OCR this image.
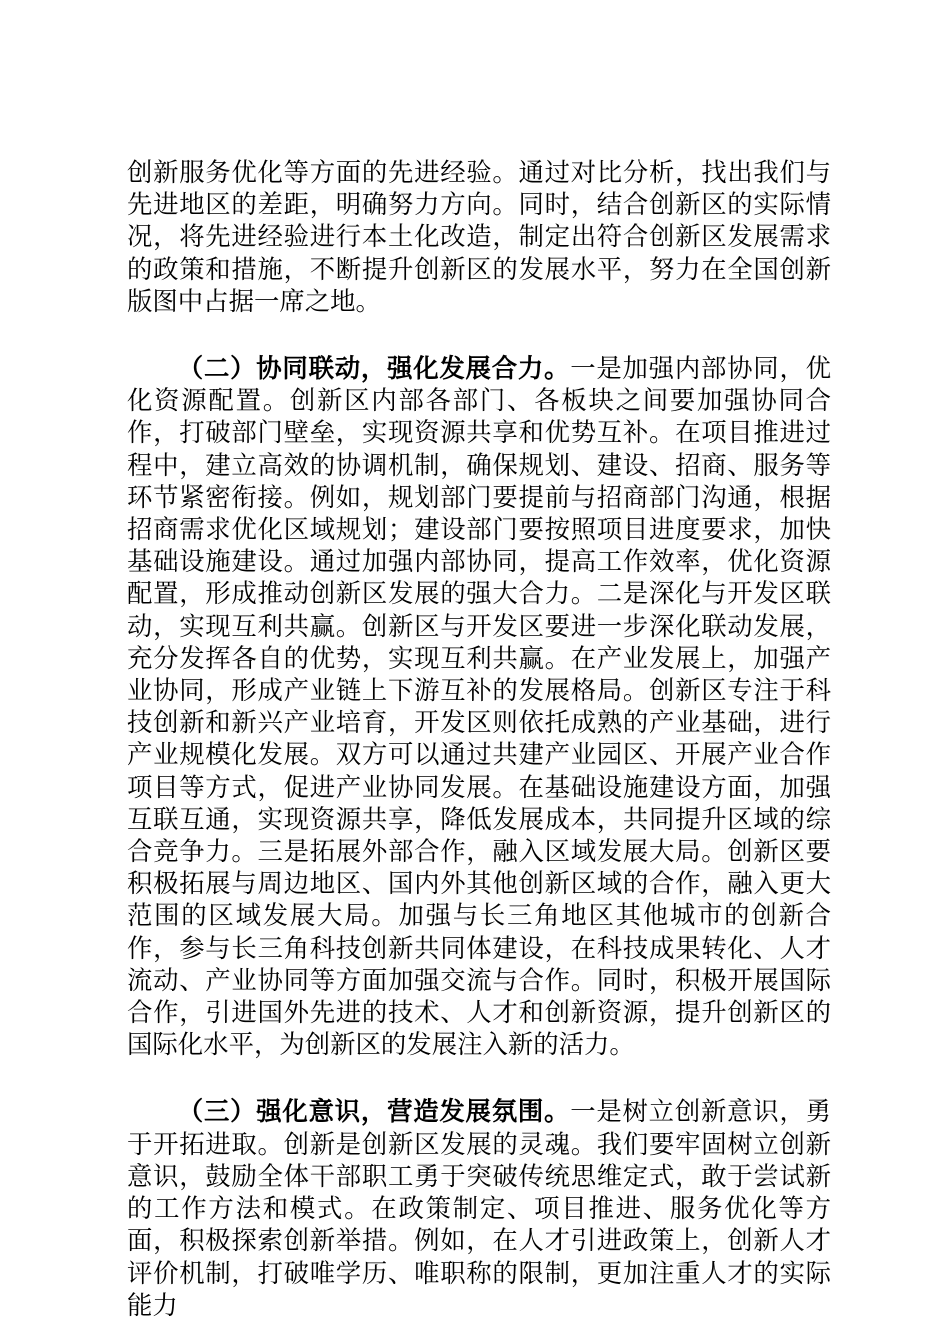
创新服务优化等方面的先进经验。通过对比分析，找出我们与先进地区的差距，明确努力方向。同时，结合创新区的实际情况，将先进经验进行本土化改造，制定出符合创新区发展需求的政策和措施，不断提升创新区的发展水平，努力在全国创新版图中占据一席之地。

（二）协同联动，强化发展合力。一是加强内部协同，优化资源配置。创新区内部各部门、各板块之间要加强协同合作，打破部门壁垒，实现资源共享和优势互补。在项目推进过程中，建立高效的协调机制，确保规划、建设、招商、服务等环节紧密衔接。例如，规划部门要提前与招商部门沟通，根据招商需求优化区域规划；建设部门要按照项目进度要求，加快基础设施建设。通过加强内部协同，提高工作效率，优化资源配置，形成推动创新区发展的强大合力。二是深化与开发区联动，实现互利共赢。创新区与开发区要进一步深化联动发展，充分发挥各自的优势，实现互利共赢。在产业发展上，加强产业协同，形成产业链上下游互补的发展格局。创新区专注于科技创新和新兴产业培育，开发区则依托成熟的产业基础，进行产业规模化发展。双方可以通过共建产业园区、开展产业合作项目等方式，促进产业协同发展。在基础设施建设方面，加强互联互通，实现资源共享，降低发展成本，共同提升区域的综合竞争力。三是拓展外部合作，融入区域发展大局。创新区要积极拓展与周边地区、国内外其他创新区域的合作，融入更大范围的区域发展大局。加强与长三角地区其他城市的创新合作，参与长三角科技创新共同体建设，在科技成果转化、人才流动、产业协同等方面加强交流与合作。同时，积极开展国际合作，引进国外先进的技术、人才和创新资源，提升创新区的国际化水平，为创新区的发展注入新的活力。

（三）强化意识，营造发展氛围。一是树立创新意识，勇于开拓进取。创新是创新区发展的灵魂。我们要牢固树立创新意识，鼓励全体干部职工勇于突破传统思维定式，敢于尝试新的工作方法和模式。在政策制定、项目推进、服务优化等方面，积极探索创新举措。例如，在人才引进政策上，创新人才评价机制，打破唯学历、唯职称的限制，更加注重人才的实际能力
